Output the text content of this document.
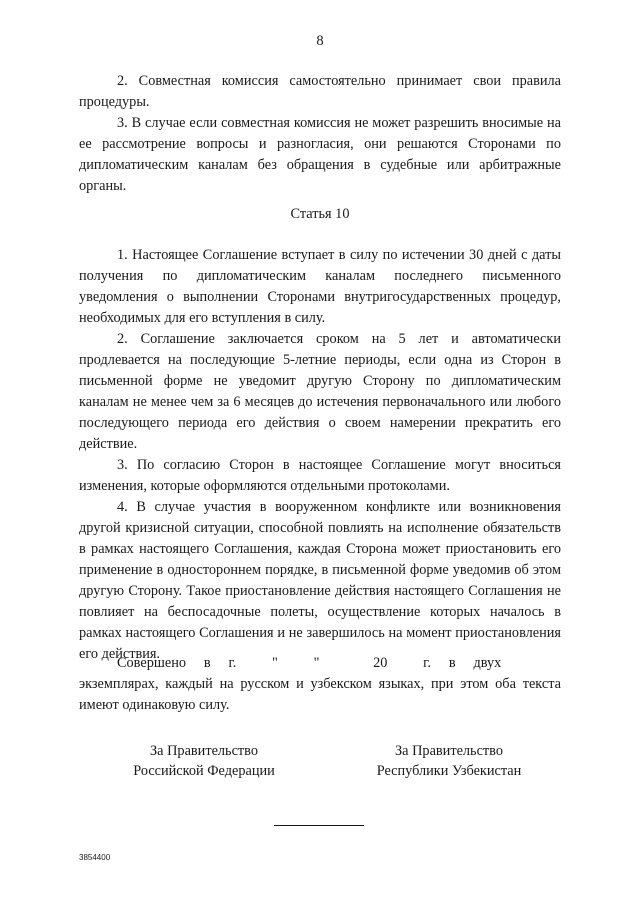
8

2. Совместная комиссия самостоятельно принимает свои правила процедуры.

3. В случае если совместная комиссия не может разрешить вносимые на ее рассмотрение вопросы и разногласия, они решаются Сторонами по дипломатическим каналам без обращения в судебные или арбитражные органы.

Статья 10

1. Настоящее Соглашение вступает в силу по истечении 30 дней с даты получения по дипломатическим каналам последнего письменного уведомления о выполнении Сторонами внутригосударственных процедур, необходимых для его вступления в силу.

2. Соглашение заключается сроком на 5 лет и автоматически продлевается на последующие 5-летние периоды, если одна из Сторон в письменной форме не уведомит другую Сторону по дипломатическим каналам не менее чем за 6 месяцев до истечения первоначального или любого последующего периода его действия о своем намерении прекратить его действие.

3. По согласию Сторон в настоящее Соглашение могут вноситься изменения, которые оформляются отдельными протоколами.

4. В случае участия в вооруженном конфликте или возникновения другой кризисной ситуации, способной повлиять на исполнение обязательств в рамках настоящего Соглашения, каждая Сторона может приостановить его применение в одностороннем порядке, в письменной форме уведомив об этом другую Сторону. Такое приостановление действия настоящего Соглашения не повлияет на беспосадочные полеты, осуществление которых началось в рамках настоящего Соглашения и не завершилось на момент приостановления его действия.

Совершено     в     г.          "          "               20          г.     в     двух

экземплярах, каждый на русском и узбекском языках, при этом оба текста имеют одинаковую силу.

За Правительство
Российской Федерации
За Правительство
Республики Узбекистан
3854400
